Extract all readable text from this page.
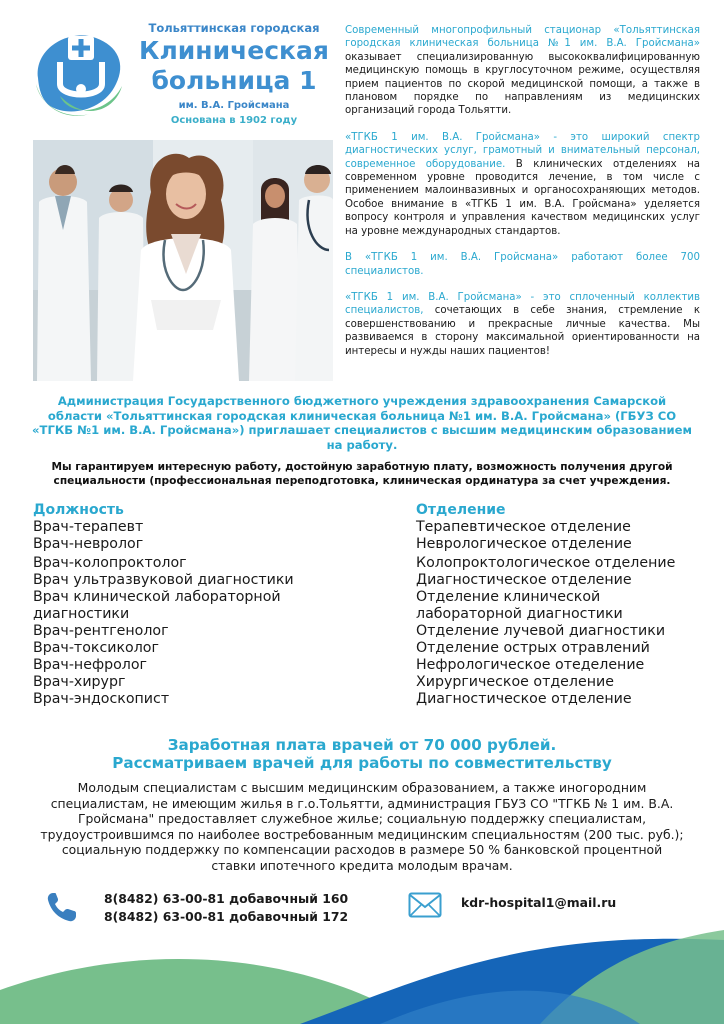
Тольяттинская городская
Клиническая
больница 1
им. В.А. Гройсмана
Основана в 1902 году

Современный многопрофильный стационар «Тольяттинская городская клиническая больница №1 им. В.А. Гройсмана» оказывает специализированную высококвалифицированную медицинскую помощь в круглосуточном режиме, осуществляя прием пациентов по скорой медицинской помощи, а также в плановом порядке по направлениям из медицинских организаций города Тольятти.

«ТГКБ 1 им. В.А. Гройсмана» - это широкий спектр диагностических услуг, грамотный и внимательный персонал, современное оборудование. В клинических отделениях на современном уровне проводится лечение, в том числе с применением малоинвазивных и органосохраняющих методов. Особое внимание в «ТГКБ 1 им. В.А. Гройсмана» уделяется вопросу контроля и управления качеством медицинских услуг на уровне международных стандартов.

В «ТГКБ 1 им. В.А. Гройсмана» работают более 700 специалистов.

«ТГКБ 1 им. В.А. Гройсмана» - это сплоченный коллектив специалистов, сочетающих в себе знания, стремление к совершенствованию и прекрасные личные качества. Мы развиваемся в сторону максимальной ориентированности на интересы и нужды наших пациентов!

Администрация Государственного бюджетного учреждения здравоохранения Самарской области «Тольяттинская городская клиническая больница №1 им. В.А. Гройсмана» (ГБУЗ СО «ТГКБ №1 им. В.А. Гройсмана») приглашает специалистов с высшим медицинским образованием на работу.
Мы гарантируем интересную работу, достойную заработную плату, возможность получения другой специальности (профессиональная переподготовка, клиническая ординатура за счет учреждения.
Должность
Врач-терапевт
Врач-невролог
Врач-колопроктолог
Врач ультразвуковой диагностики
Врач клинической лабораторной
диагностики
Врач-рентгенолог
Врач-токсиколог
Врач-нефролог
Врач-хирург
Врач-эндоскопист
Отделение
Терапевтическое отделение
Неврологическое отделение
Колопроктологическое отделение
Диагностическое отделение
Отделение клинической
лабораторной диагностики
Отделение лучевой диагностики
Отделение острых отравлений
Нефрологическое отеделение
Хирургическое отделение
Диагностическое отделение
Заработная плата врачей от 70 000 рублей.
Рассматриваем врачей для работы по совместительству
Молодым специалистам с высшим медицинским образованием, а также иногородним специалистам, не имеющим жилья в г.о.Тольятти, администрация ГБУЗ СО "ТГКБ № 1 им. В.А. Гройсмана" предоставляет служебное жилье; социальную поддержку специалистам, трудоустроившимся по наиболее востребованным медицинским специальностям (200 тыс. руб.); социальную поддержку по компенсации расходов в размере 50 % банковской процентной ставки ипотечного кредита молодым врачам.
8(8482) 63-00-81 добавочный 160
8(8482) 63-00-81 добавочный 172
kdr-hospital1@mail.ru
